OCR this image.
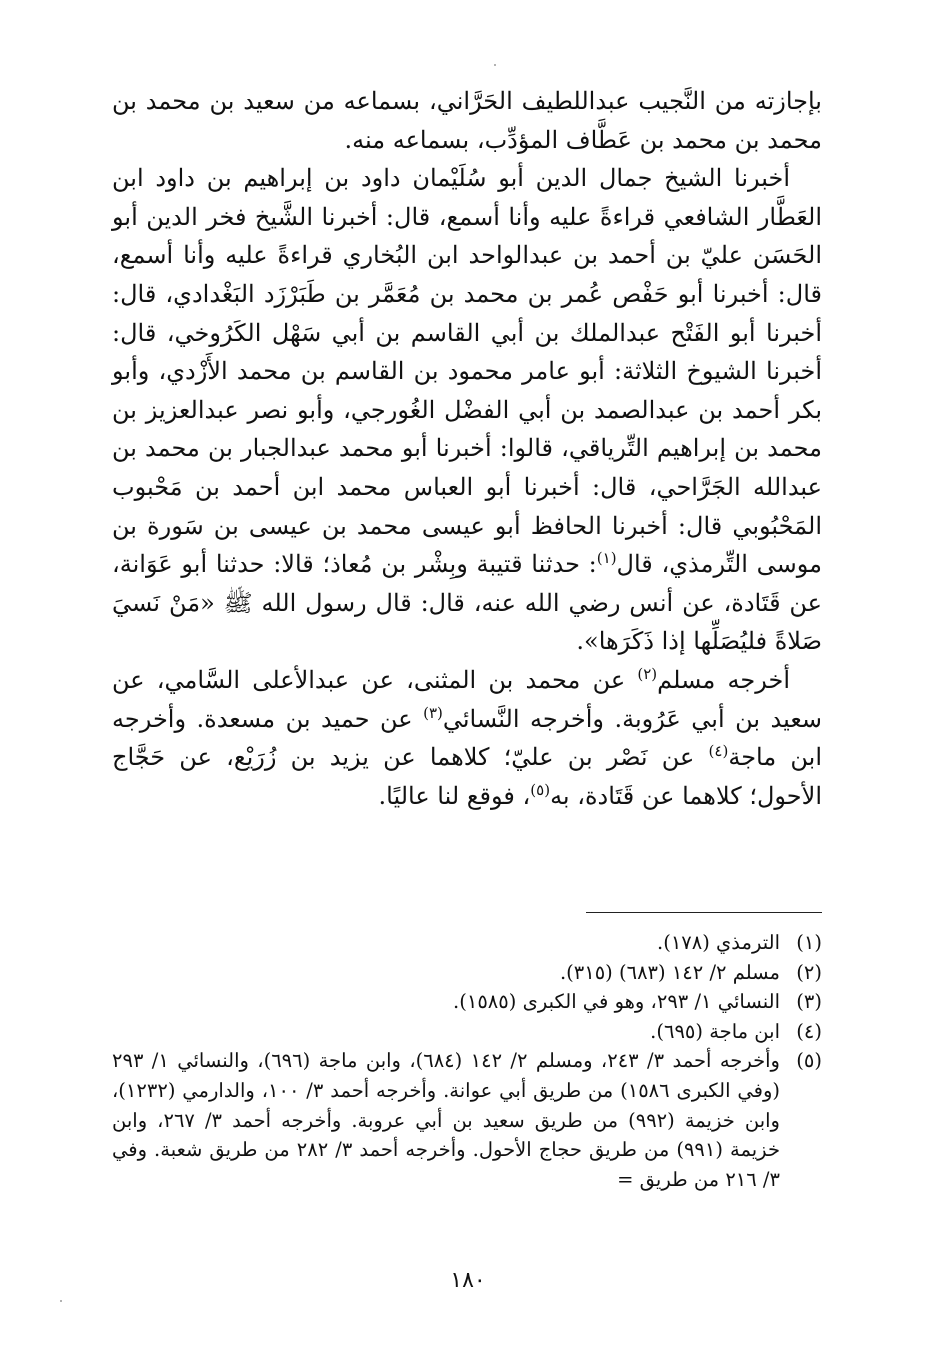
بإجازته من النَّجيب عبداللطيف الحَرَّاني، بسماعه من سعيد بن محمد بن محمد بن محمد بن عَطَّاف المؤدِّب، بسماعه منه.

أخبرنا الشيخ جمال الدين أبو سُلَيْمان داود بن إبراهيم بن داود ابن العَطَّار الشافعي قراءةً عليه وأنا أسمع، قال: أخبرنا الشَّيخ فخر الدين أبو الحَسَن عليّ بن أحمد بن عبدالواحد ابن البُخاري قراءةً عليه وأنا أسمع، قال: أخبرنا أبو حَفْص عُمر بن محمد بن مُعَمَّر بن طَبَرْزَد البَغْدادي، قال: أخبرنا أبو الفَتْح عبدالملك بن أبي القاسم بن أبي سَهْل الكَرُوخي، قال: أخبرنا الشيوخ الثلاثة: أبو عامر محمود بن القاسم بن محمد الأَزْدي، وأبو بكر أحمد بن عبدالصمد بن أبي الفضْل الغُورجي، وأبو نصر عبدالعزيز بن محمد بن إبراهيم التِّرياقي، قالوا: أخبرنا أبو محمد عبدالجبار بن محمد بن عبدالله الجَرَّاحي، قال: أخبرنا أبو العباس محمد ابن أحمد بن مَحْبوب المَحْبُوبي قال: أخبرنا الحافظ أبو عيسى محمد بن عيسى بن سَورة بن موسى التِّرمذي، قال$^{(١)}$: حدثنا قتيبة وبِشْر بن مُعاذ؛ قالا: حدثنا أبو عَوَانة، عن قَتَادة، عن أنس رضي الله عنه، قال: قال رسول الله ﷺ «مَنْ نَسيَ صَلاةً فليُصَلِّها إذا ذَكَرَها».

أخرجه مسلم$^{(٢)}$ عن محمد بن المثنى، عن عبدالأعلى السَّامي، عن سعيد بن أبي عَرُوبة. وأخرجه النَّسائي$^{(٣)}$ عن حميد بن مسعدة. وأخرجه ابن ماجة$^{(٤)}$ عن نَصْر بن عليّ؛ كلاهما عن يزيد بن زُرَيْع، عن حَجَّاج الأحول؛ كلاهما عن قَتَادة، به$^{(٥)}$، فوقع لنا عاليًا.

(١)
الترمذي (١٧٨).
(٢)
مسلم ٢/ ١٤٢ (٦٨٣) (٣١٥).
(٣)
النسائي ١/ ٢٩٣، وهو في الكبرى (١٥٨٥).
(٤)
ابن ماجة (٦٩٥).
(٥)
وأخرجه أحمد ٣/ ٢٤٣، ومسلم ٢/ ١٤٢ (٦٨٤)، وابن ماجة (٦٩٦)، والنسائي ١/ ٢٩٣ (وفي الكبرى ١٥٨٦) من طريق أبي عوانة. وأخرجه أحمد ٣/ ١٠٠، والدارمي (١٢٣٢)، وابن خزيمة (٩٩٢) من طريق سعيد بن أبي عروبة. وأخرجه أحمد ٣/ ٢٦٧، وابن خزيمة (٩٩١) من طريق حجاج الأحول. وأخرجه أحمد ٣/ ٢٨٢ من طريق شعبة. وفي ٣/ ٢١٦ من طريق =
١٨٠
